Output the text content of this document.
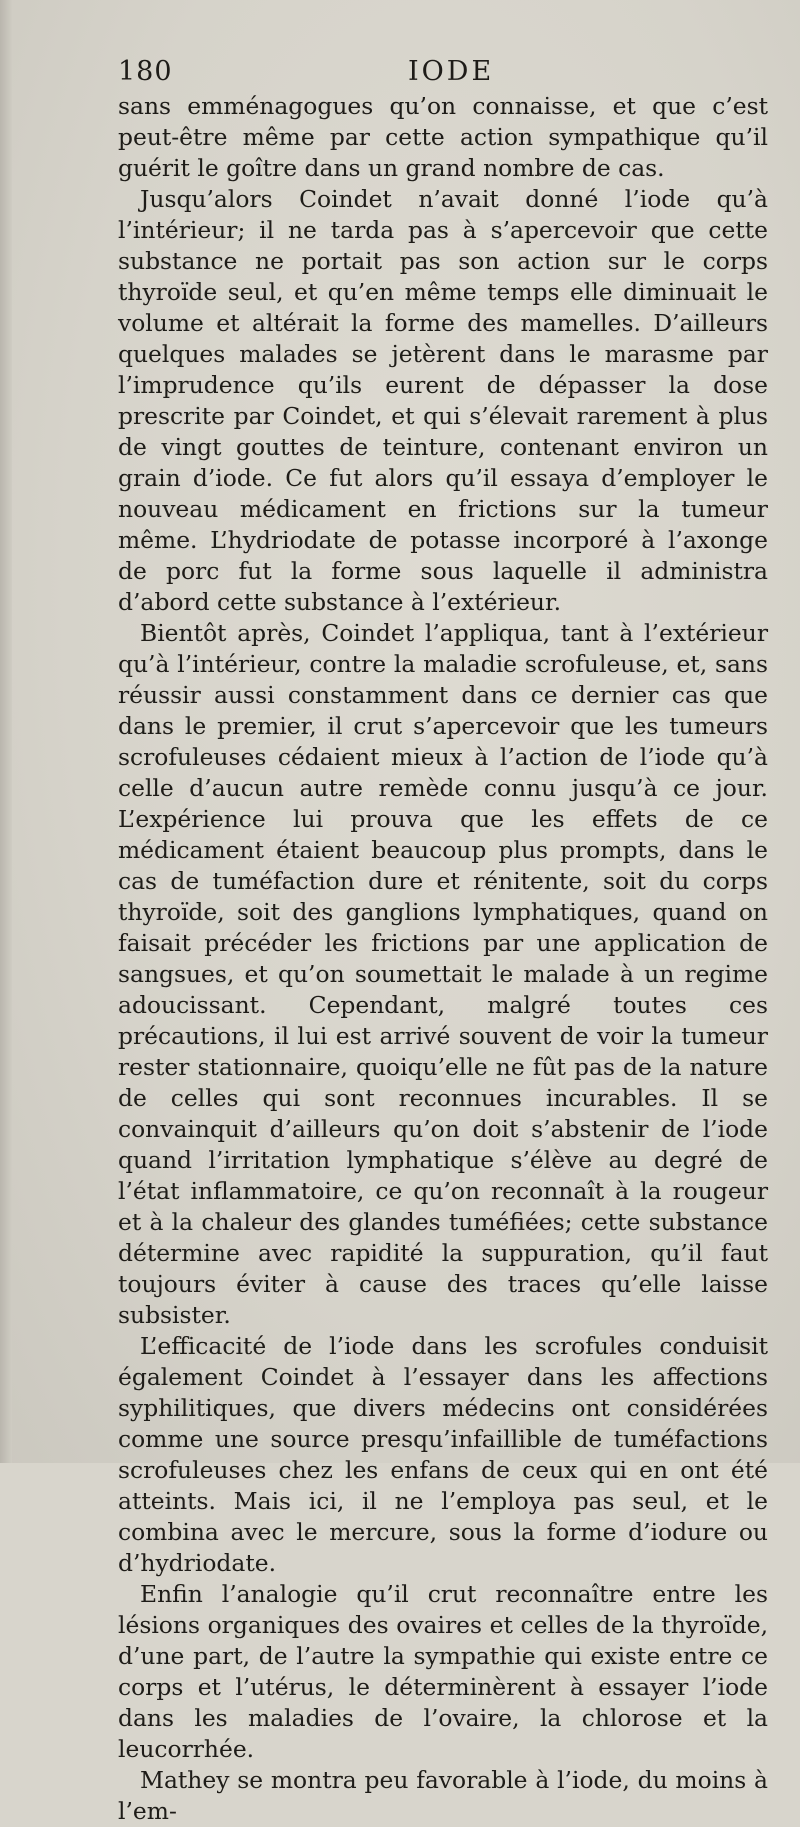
180	IODE

sans emménagogues qu’on connaisse, et que c’est peut-être même par cette action sympathique qu’il guérit le goître dans un grand nombre de cas.

Jusqu’alors Coindet n’avait donné l’iode qu’à l’intérieur; il ne tarda pas à s’apercevoir que cette substance ne portait pas son action sur le corps thyroïde seul, et qu’en même temps elle diminuait le volume et altérait la forme des mamelles. D’ailleurs quelques malades se jetèrent dans le marasme par l’imprudence qu’ils eurent de dépasser la dose prescrite par Coindet, et qui s’élevait rarement à plus de vingt gouttes de teinture, contenant environ un grain d’iode. Ce fut alors qu’il essaya d’employer le nouveau médicament en frictions sur la tumeur même. L’hydriodate de potasse incorporé à l’axonge de porc fut la forme sous laquelle il administra d’abord cette substance à l’extérieur.

Bientôt après, Coindet l’appliqua, tant à l’extérieur qu’à l’intérieur, contre la maladie scrofuleuse, et, sans réussir aussi constamment dans ce dernier cas que dans le premier, il crut s’apercevoir que les tumeurs scrofuleuses cédaient mieux à l’action de l’iode qu’à celle d’aucun autre remède connu jusqu’à ce jour. L’expérience lui prouva que les effets de ce médicament étaient beaucoup plus prompts, dans le cas de tuméfaction dure et rénitente, soit du corps thyroïde, soit des ganglions lymphatiques, quand on faisait précéder les frictions par une application de sangsues, et qu’on soumettait le malade à un regime adoucissant. Cependant, malgré toutes ces précautions, il lui est arrivé souvent de voir la tumeur rester stationnaire, quoiqu’elle ne fût pas de la nature de celles qui sont reconnues incurables. Il se convainquit d’ailleurs qu’on doit s’abstenir de l’iode quand l’irritation lymphatique s’élève au degré de l’état inflammatoire, ce qu’on reconnaît à la rougeur et à la chaleur des glandes tuméfiées; cette substance détermine avec rapidité la suppuration, qu’il faut toujours éviter à cause des traces qu’elle laisse subsister.

L’efficacité de l’iode dans les scrofules conduisit également Coindet à l’essayer dans les affections syphilitiques, que divers médecins ont considérées comme une source presqu’infaillible de tuméfactions scrofuleuses chez les enfans de ceux qui en ont été atteints. Mais ici, il ne l’employa pas seul, et le combina avec le mercure, sous la forme d’iodure ou d’hydriodate.

Enfin l’analogie qu’il crut reconnaître entre les lésions organiques des ovaires et celles de la thyroïde, d’une part, de l’autre la sympathie qui existe entre ce corps et l’utérus, le déterminèrent à essayer l’iode dans les maladies de l’ovaire, la chlorose et la leucorrhée.

Mathey se montra peu favorable à l’iode, du moins à l’em-
